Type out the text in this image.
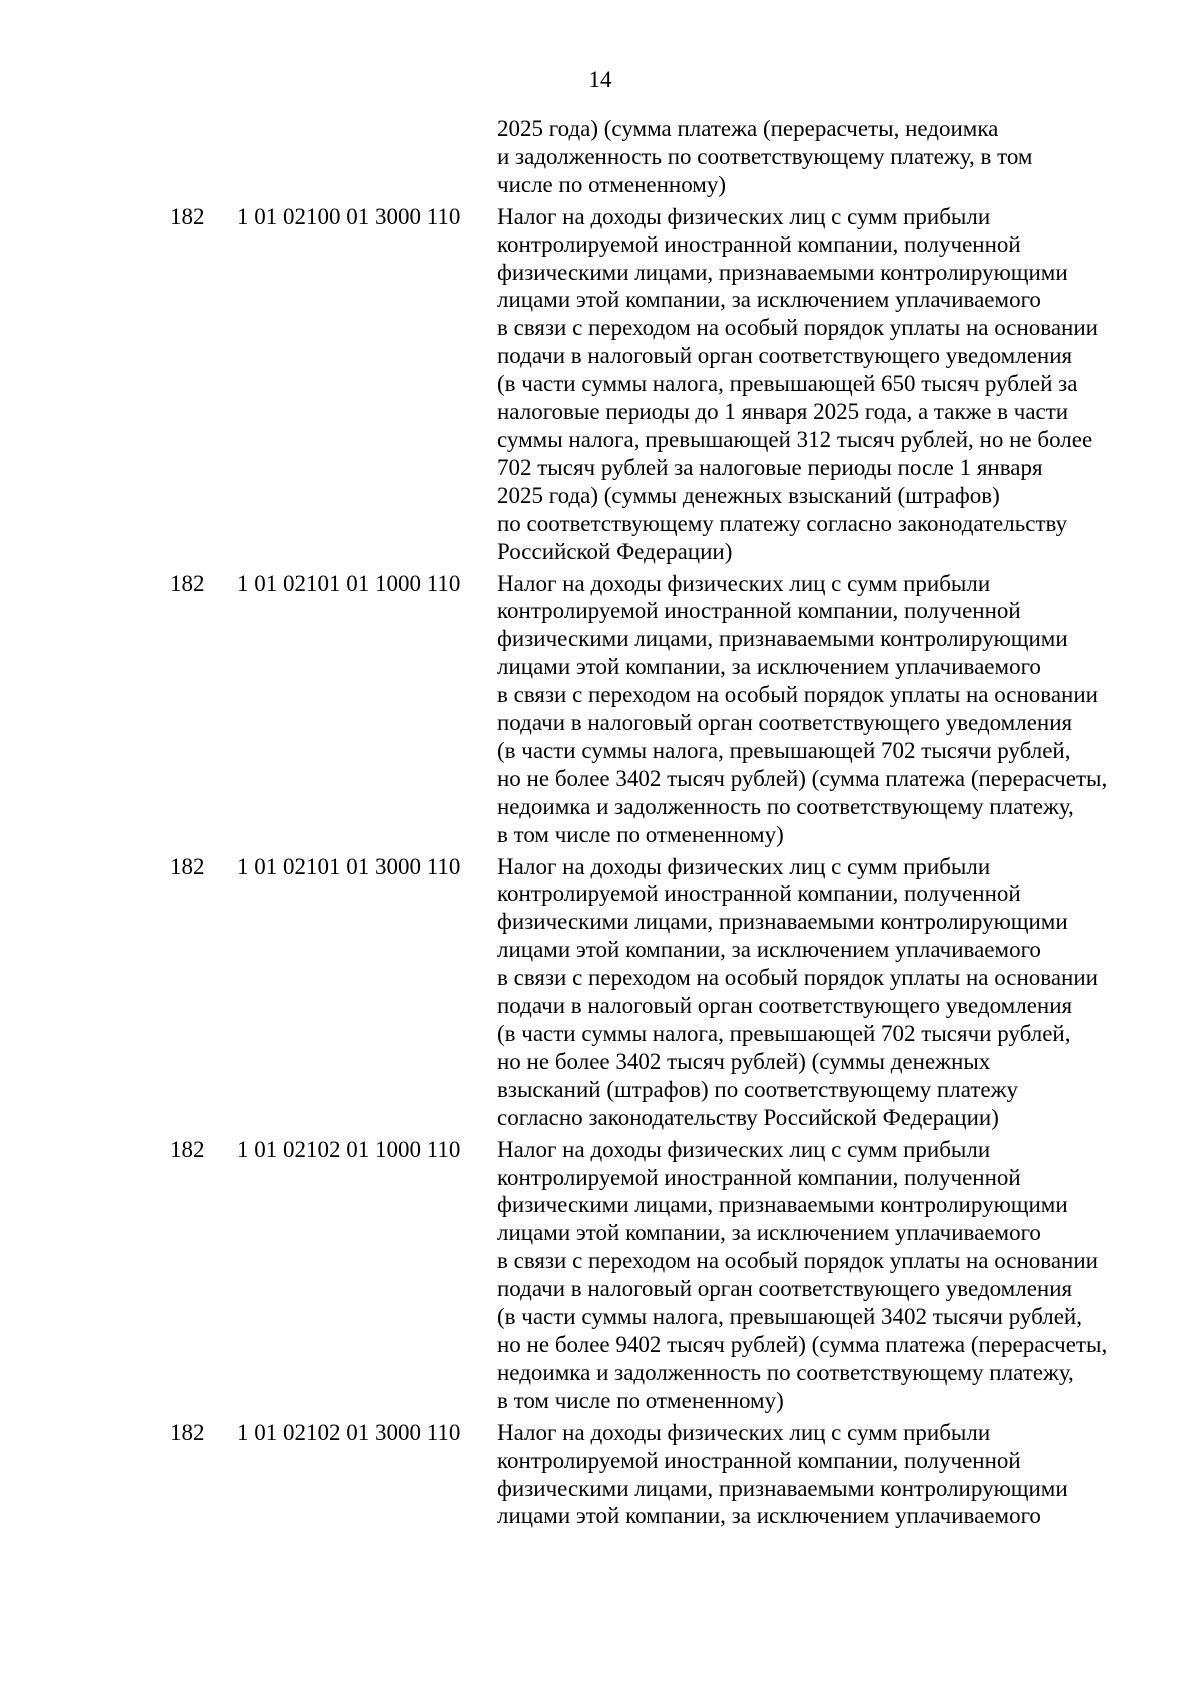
14
2025 года) (сумма платежа (перерасчеты, недоимка
и задолженность по соответствующему платежу, в том
числе по отмененному)
182 1 01 02100 01 3000 110 Налог на доходы физических лиц с сумм прибыли
контролируемой иностранной компании, полученной
физическими лицами, признаваемыми контролирующими
лицами этой компании, за исключением уплачиваемого
в связи с переходом на особый порядок уплаты на основании
подачи в налоговый орган соответствующего уведомления
(в части суммы налога, превышающей 650 тысяч рублей за
налоговые периоды до 1 января 2025 года, а также в части
суммы налога, превышающей 312 тысяч рублей, но не более
702 тысяч рублей за налоговые периоды после 1 января
2025 года) (суммы денежных взысканий (штрафов)
по соответствующему платежу согласно законодательству
Российской Федерации)
182 1 01 02101 01 1000 110 Налог на доходы физических лиц с сумм прибыли
контролируемой иностранной компании, полученной
физическими лицами, признаваемыми контролирующими
лицами этой компании, за исключением уплачиваемого
в связи с переходом на особый порядок уплаты на основании
подачи в налоговый орган соответствующего уведомления
(в части суммы налога, превышающей 702 тысячи рублей,
но не более 3402 тысяч рублей) (сумма платежа (перерасчеты,
недоимка и задолженность по соответствующему платежу,
в том числе по отмененному)
182 1 01 02101 01 3000 110 Налог на доходы физических лиц с сумм прибыли
контролируемой иностранной компании, полученной
физическими лицами, признаваемыми контролирующими
лицами этой компании, за исключением уплачиваемого
в связи с переходом на особый порядок уплаты на основании
подачи в налоговый орган соответствующего уведомления
(в части суммы налога, превышающей 702 тысячи рублей,
но не более 3402 тысяч рублей) (суммы денежных
взысканий (штрафов) по соответствующему платежу
согласно законодательству Российской Федерации)
182 1 01 02102 01 1000 110 Налог на доходы физических лиц с сумм прибыли
контролируемой иностранной компании, полученной
физическими лицами, признаваемыми контролирующими
лицами этой компании, за исключением уплачиваемого
в связи с переходом на особый порядок уплаты на основании
подачи в налоговый орган соответствующего уведомления
(в части суммы налога, превышающей 3402 тысячи рублей,
но не более 9402 тысяч рублей) (сумма платежа (перерасчеты,
недоимка и задолженность по соответствующему платежу,
в том числе по отмененному)
182 1 01 02102 01 3000 110 Налог на доходы физических лиц с сумм прибыли
контролируемой иностранной компании, полученной
физическими лицами, признаваемыми контролирующими
лицами этой компании, за исключением уплачиваемого
